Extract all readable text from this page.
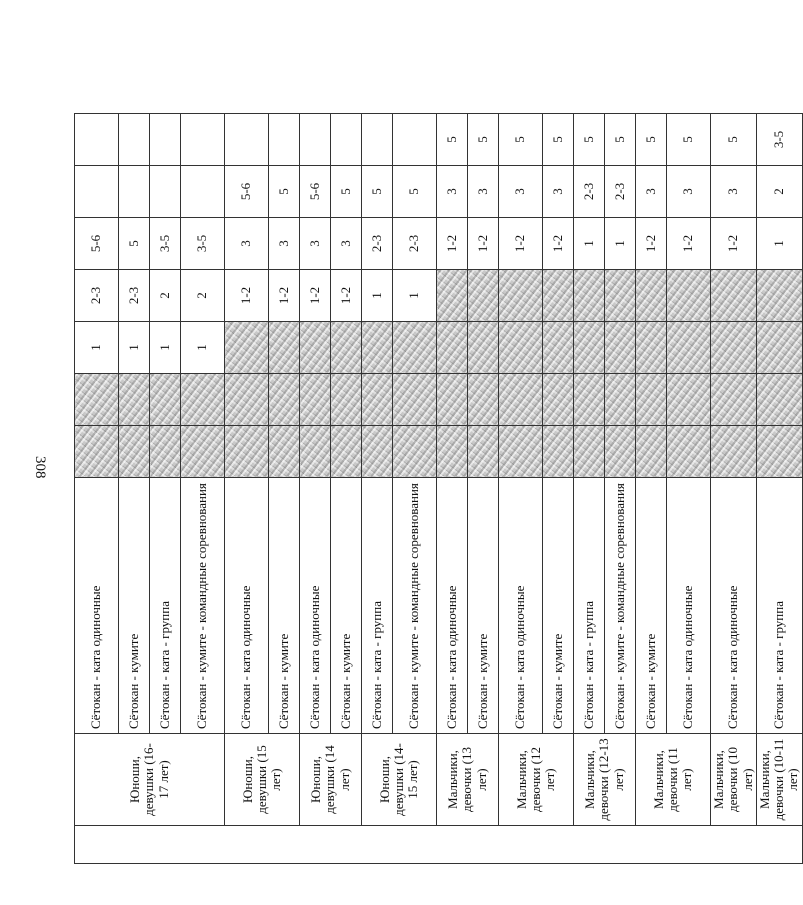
308
	Юноши, девушки (16-17 лет)	Сётокан - ката одиночные			1	2-3	5-6		
		Сётокан - кумите			1	2-3	5		
		Сётокан - ката - группа			1	2	3-5		
		Сётокан - кумите - командные соревнования			1	2	3-5		
	Юноши, девушки (15 лет)	Сётокан - ката одиночные				1-2	3	5-6	
		Сётокан - кумите				1-2	3	5	
	Юноши, девушки (14 лет)	Сётокан - ката одиночные				1-2	3	5-6	
		Сётокан - кумите				1-2	3	5	
	Юноши, девушки (14-15 лет)	Сётокан - ката - группа				1	2-3	5	
		Сётокан - кумите - командные соревнования				1	2-3	5	
	Мальчики, девочки (13 лет)	Сётокан - ката одиночные					1-2	3	5
		Сётокан - кумите					1-2	3	5
	Мальчики, девочки (12 лет)	Сётокан - ката одиночные					1-2	3	5
		Сётокан - кумите					1-2	3	5
	Мальчики, девочки (12-13 лет)	Сётокан - ката - группа					1	2-3	5
		Сётокан - кумите - командные соревнования					1	2-3	5
	Мальчики, девочки (11 лет)	Сётокан - кумите					1-2	3	5
		Сётокан - ката одиночные					1-2	3	5
	Мальчики, девочки (10 лет)	Сётокан - ката одиночные					1-2	3	5
	Мальчики, девочки (10-11 лет)	Сётокан - ката - группа					1	2	3-5
